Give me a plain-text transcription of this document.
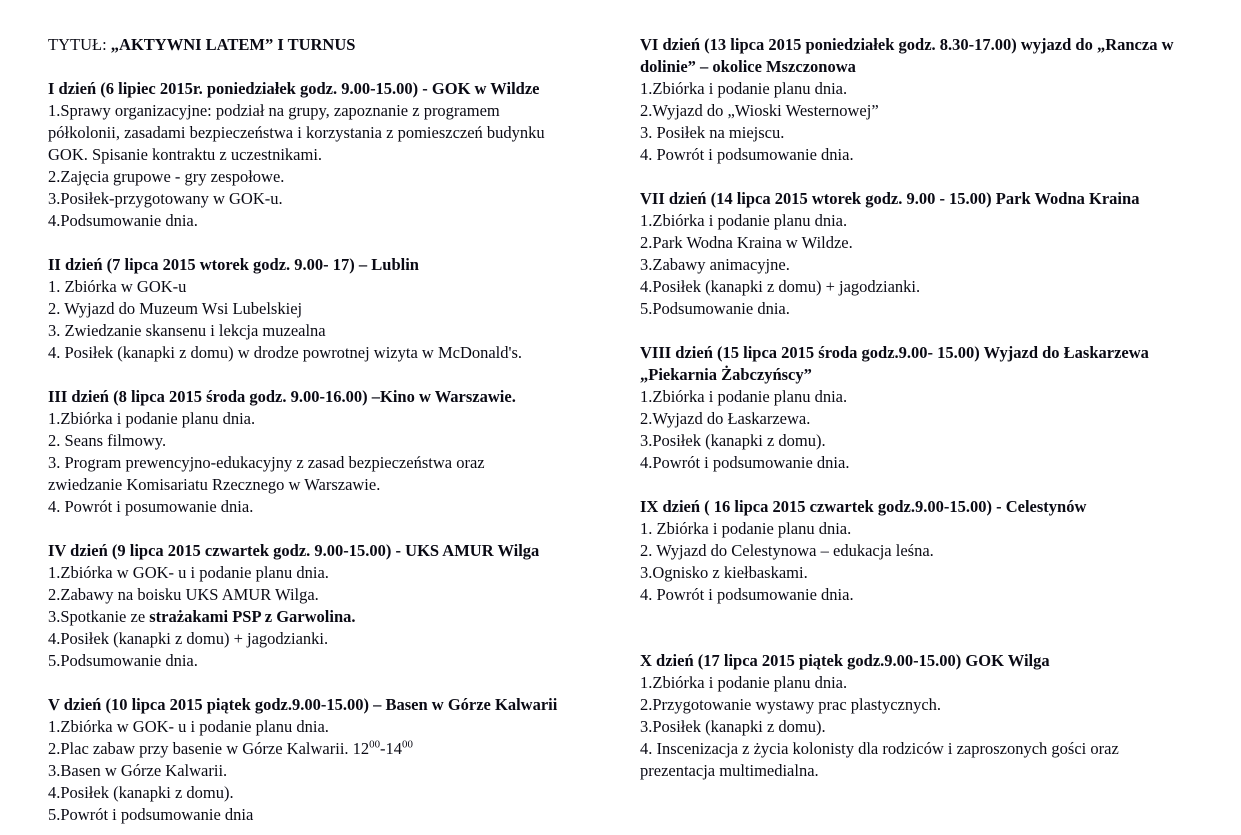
TYTUŁ: „AKTYWNI LATEM” I TURNUS

I dzień (6 lipiec 2015r. poniedziałek godz. 9.00-15.00) - GOK w Wildze

1.Sprawy organizacyjne: podział na grupy, zapoznanie z programem

półkolonii, zasadami bezpieczeństwa i korzystania z pomieszczeń budynku

GOK. Spisanie kontraktu z uczestnikami.

2.Zajęcia grupowe - gry zespołowe.

3.Posiłek-przygotowany w GOK-u.

4.Podsumowanie dnia.

II dzień (7 lipca 2015 wtorek godz. 9.00- 17) – Lublin

1. Zbiórka w GOK-u

2. Wyjazd do Muzeum Wsi Lubelskiej

3. Zwiedzanie skansenu i lekcja muzealna

4. Posiłek (kanapki z domu) w drodze powrotnej wizyta w McDonald's.

III dzień (8 lipca 2015 środa godz. 9.00-16.00) –Kino w Warszawie.

1.Zbiórka i podanie planu dnia.

2. Seans filmowy.

3. Program prewencyjno-edukacyjny z zasad bezpieczeństwa oraz

zwiedzanie Komisariatu Rzecznego w Warszawie.

4. Powrót i posumowanie dnia.

IV dzień (9 lipca 2015 czwartek godz. 9.00-15.00) - UKS AMUR Wilga

1.Zbiórka w GOK- u i podanie planu dnia.

2.Zabawy na boisku UKS AMUR Wilga.

3.Spotkanie ze strażakami PSP z Garwolina.

4.Posiłek (kanapki z domu) + jagodzianki.

5.Podsumowanie dnia.

V dzień (10 lipca 2015 piątek godz.9.00-15.00) – Basen w Górze Kalwarii

1.Zbiórka w GOK- u i podanie planu dnia.

2.Plac zabaw przy basenie w Górze Kalwarii. $12^{00}-14^{00}$

3.Basen w Górze Kalwarii.

4.Posiłek (kanapki z domu).

5.Powrót i podsumowanie dnia

VI dzień (13 lipca 2015 poniedziałek godz. 8.30-17.00) wyjazd do „Rancza w dolinie” – okolice Mszczonowa

1.Zbiórka i podanie planu dnia.

2.Wyjazd do „Wioski Westernowej”

3. Posiłek na miejscu.

4. Powrót i podsumowanie dnia.

VII dzień (14 lipca 2015 wtorek godz. 9.00 - 15.00) Park Wodna Kraina

1.Zbiórka i podanie planu dnia.

2.Park Wodna Kraina w Wildze.

3.Zabawy animacyjne.

4.Posiłek (kanapki z domu) + jagodzianki.

5.Podsumowanie dnia.

VIII dzień (15 lipca 2015 środa godz.9.00- 15.00) Wyjazd do Łaskarzewa „Piekarnia Żabczyńscy”

1.Zbiórka i podanie planu dnia.

2.Wyjazd do Łaskarzewa.

3.Posiłek (kanapki z domu).

4.Powrót i podsumowanie dnia.

IX dzień ( 16 lipca 2015 czwartek godz.9.00-15.00) - Celestynów

1. Zbiórka i podanie planu dnia.

2. Wyjazd do Celestynowa – edukacja leśna.

3.Ognisko z kiełbaskami.

4. Powrót i podsumowanie dnia.

X dzień (17 lipca 2015 piątek godz.9.00-15.00) GOK Wilga

1.Zbiórka i podanie planu dnia.

2.Przygotowanie wystawy prac plastycznych.

3.Posiłek (kanapki z domu).

4. Inscenizacja z życia kolonisty dla rodziców i zaproszonych gości oraz

prezentacja multimedialna.
